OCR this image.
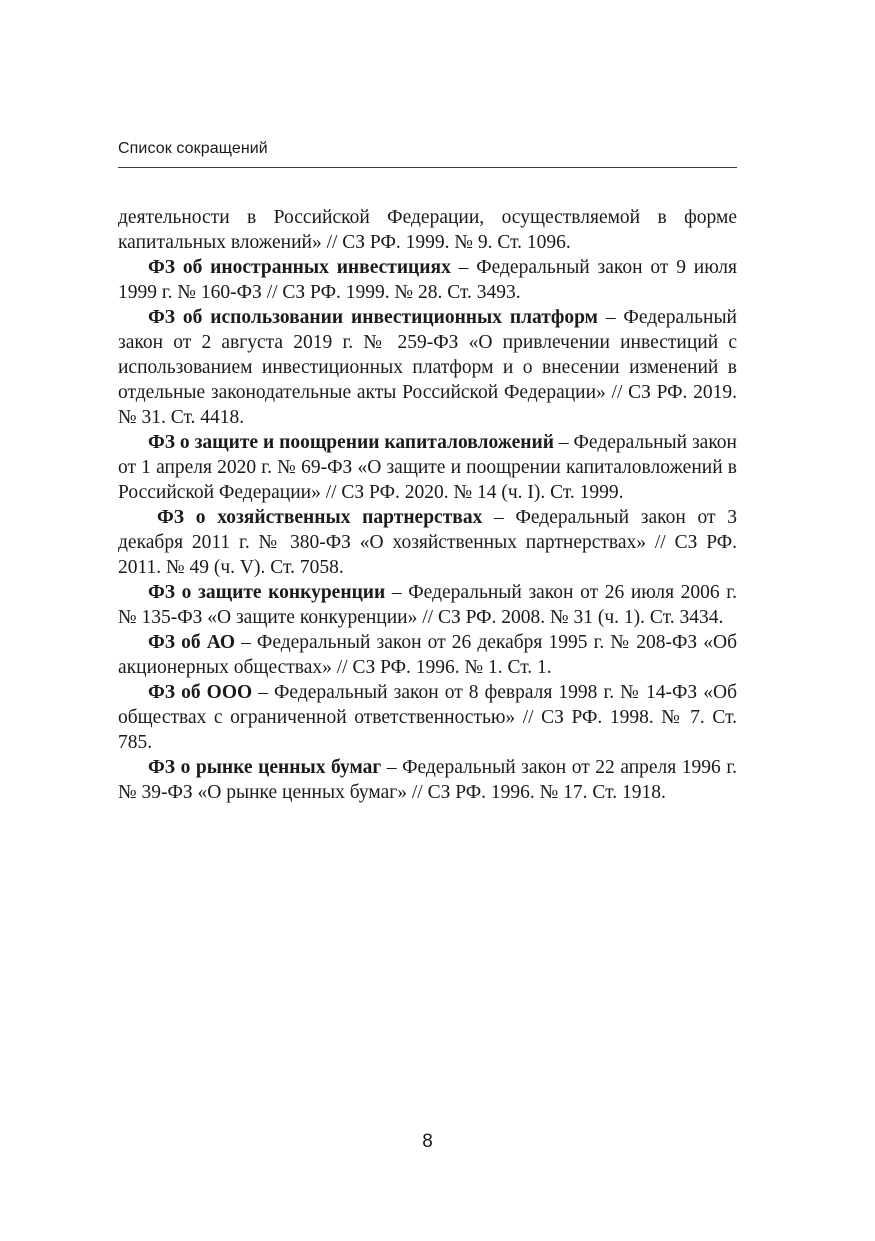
Список сокращений

деятельности в Российской Федерации, осуществляемой в форме капитальных вложений» // СЗ РФ. 1999. № 9. Ст. 1096.

ФЗ об иностранных инвестициях – Федеральный закон от 9 июля 1999 г. № 160-ФЗ // СЗ РФ. 1999. № 28. Ст. 3493.

ФЗ об использовании инвестиционных платформ – Федеральный закон от 2 августа 2019 г. № 259-ФЗ «О привлечении инвестиций с использованием инвестиционных платформ и о внесении изменений в отдельные законодательные акты Российской Федерации» // СЗ РФ. 2019. № 31. Ст. 4418.

ФЗ о защите и поощрении капиталовложений – Федеральный закон от 1 апреля 2020 г. № 69-ФЗ «О защите и поощрении капиталовложений в Российской Федерации» // СЗ РФ. 2020. № 14 (ч. I). Ст. 1999.

ФЗ о хозяйственных партнерствах – Федеральный закон от 3 декабря 2011 г. № 380-ФЗ «О хозяйственных партнерствах» // СЗ РФ. 2011. № 49 (ч. V). Ст. 7058.

ФЗ о защите конкуренции – Федеральный закон от 26 июля 2006 г. № 135-ФЗ «О защите конкуренции» // СЗ РФ. 2008. № 31 (ч. 1). Ст. 3434.

ФЗ об АО – Федеральный закон от 26 декабря 1995 г. № 208-ФЗ «Об акционерных обществах» // СЗ РФ. 1996. № 1. Ст. 1.

ФЗ об ООО – Федеральный закон от 8 февраля 1998 г. № 14-ФЗ «Об обществах с ограниченной ответственностью» // СЗ РФ. 1998. № 7. Ст. 785.

ФЗ о рынке ценных бумаг – Федеральный закон от 22 апреля 1996 г. № 39-ФЗ «О рынке ценных бумаг» // СЗ РФ. 1996. № 17. Ст. 1918.

8
